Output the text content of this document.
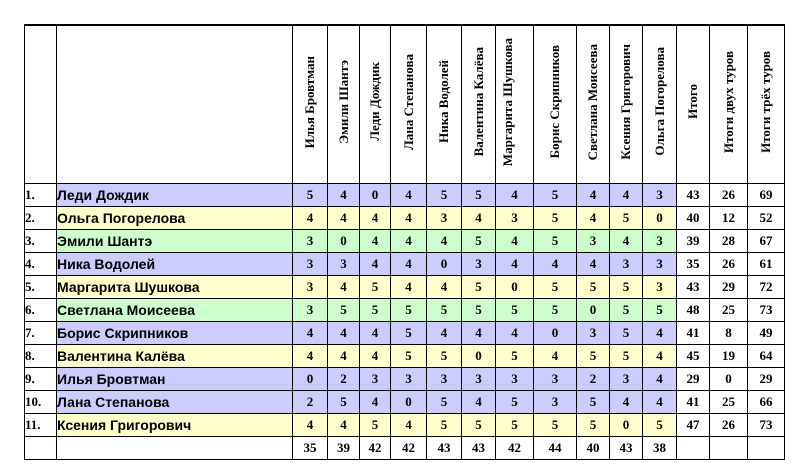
		Илья Бровтман	Эмили Шантэ	Леди Дождик	Лана Степанова	Ника Водолей	Валентина Калёва	Маргарита Шушкова	Борис Скрипников	Светлана Моисеева	Ксения Григорович	Ольга Погорелова	Итого	Итоги двух туров	Итоги трёх туров
1.	Леди Дождик	5	4	0	4	5	5	4	5	4	4	3	43	26	69
2.	Ольга Погорелова	4	4	4	4	3	4	3	5	4	5	0	40	12	52
3.	Эмили Шантэ	3	0	4	4	4	5	4	5	3	4	3	39	28	67
4.	Ника Водолей	3	3	4	4	0	3	4	4	4	3	3	35	26	61
5.	Маргарита Шушкова	3	4	5	4	4	5	0	5	5	5	3	43	29	72
6.	Светлана Моисеева	3	5	5	5	5	5	5	5	0	5	5	48	25	73
7.	Борис Скрипников	4	4	4	5	4	4	4	0	3	5	4	41	8	49
8.	Валентина Калёва	4	4	4	5	5	0	5	4	5	5	4	45	19	64
9.	Илья Бровтман	0	2	3	3	3	3	3	3	2	3	4	29	0	29
10.	Лана Степанова	2	5	4	0	5	4	5	3	5	4	4	41	25	66
11.	Ксения Григорович	4	4	5	4	5	5	5	5	5	0	5	47	26	73
		35	39	42	42	43	43	42	44	40	43	38			
